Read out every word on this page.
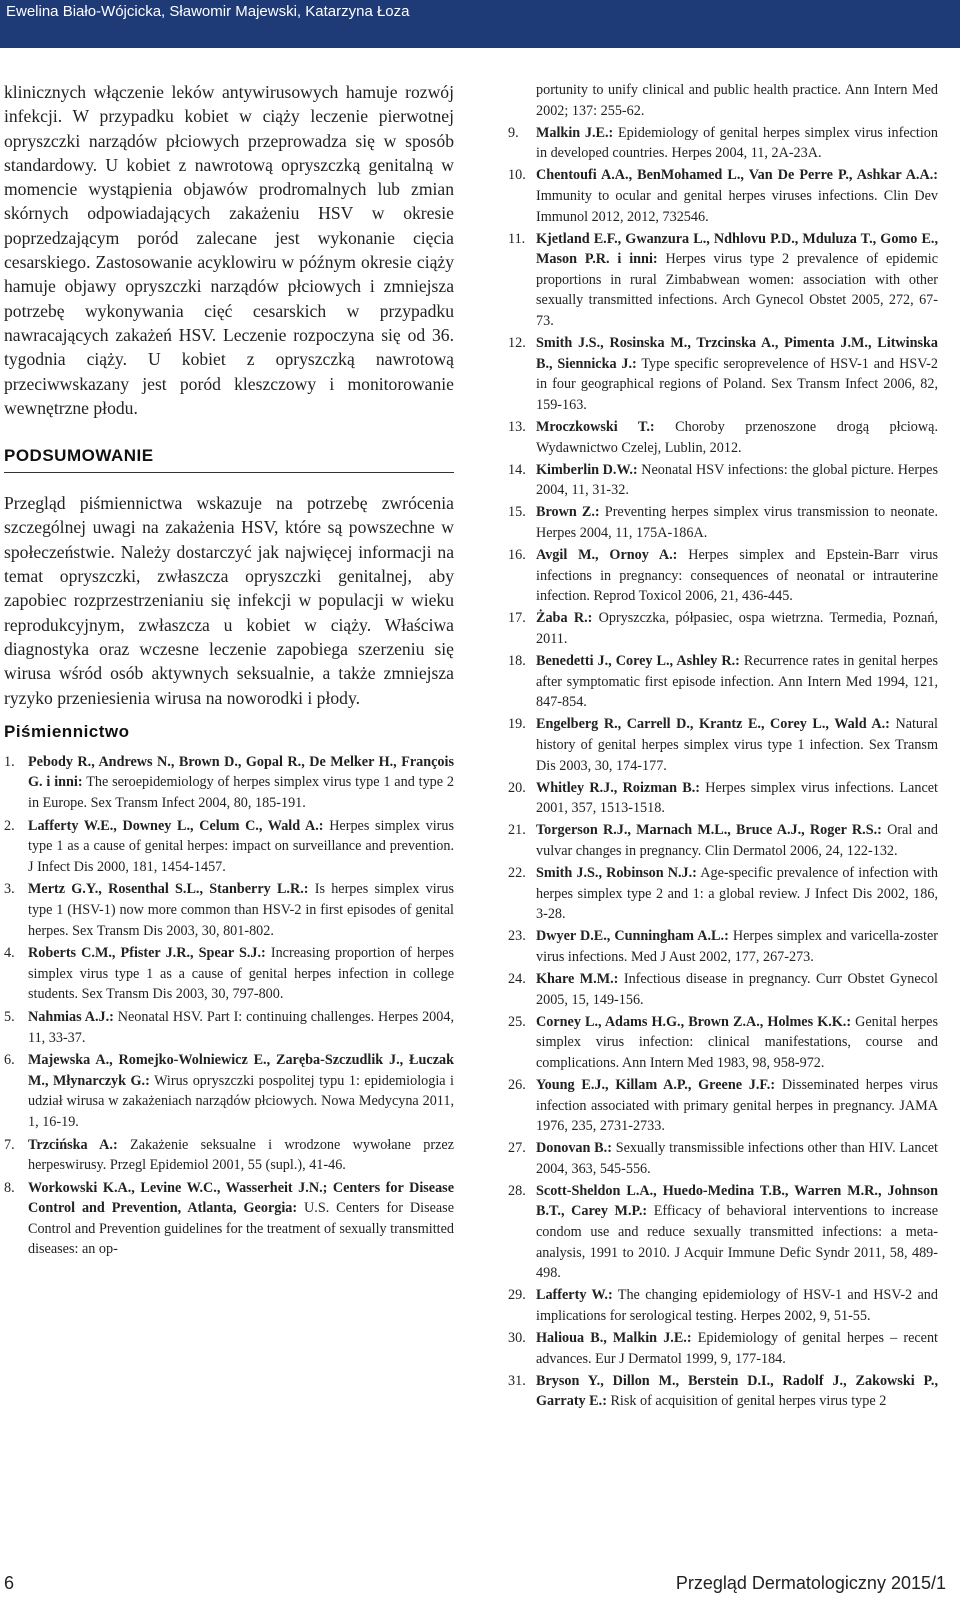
Ewelina Biało-Wójcicka, Sławomir Majewski, Katarzyna Łoza

klinicznych włączenie leków antywirusowych hamuje rozwój infekcji. W przypadku kobiet w ciąży leczenie pierwotnej opryszczki narządów płciowych przeprowadza się w sposób standardowy. U kobiet z nawrotową opryszczką genitalną w momencie wystąpienia objawów prodromalnych lub zmian skórnych odpowiadających zakażeniu HSV w okresie poprzedzającym poród zalecane jest wykonanie cięcia cesarskiego. Zastosowanie acyklowiru w późnym okresie ciąży hamuje objawy opryszczki narządów płciowych i zmniejsza potrzebę wykonywania cięć cesarskich w przypadku nawracających zakażeń HSV. Leczenie rozpoczyna się od 36. tygodnia ciąży. U kobiet z opryszczką nawrotową przeciwwskazany jest poród kleszczowy i monitorowanie wewnętrzne płodu.

PODSUMOWANIE

Przegląd piśmiennictwa wskazuje na potrzebę zwrócenia szczególnej uwagi na zakażenia HSV, które są powszechne w społeczeństwie. Należy dostarczyć jak najwięcej informacji na temat opryszczki, zwłaszcza opryszczki genitalnej, aby zapobiec rozprzestrzenianiu się infekcji w populacji w wieku reprodukcyjnym, zwłaszcza u kobiet w ciąży. Właściwa diagnostyka oraz wczesne leczenie zapobiega szerzeniu się wirusa wśród osób aktywnych seksualnie, a także zmniejsza ryzyko przeniesienia wirusa na noworodki i płody.

Piśmiennictwo
1. Pebody R., Andrews N., Brown D., Gopal R., De Melker H., François G. i inni: The seroepidemiology of herpes simplex virus type 1 and type 2 in Europe. Sex Transm Infect 2004, 80, 185-191.
2. Lafferty W.E., Downey L., Celum C., Wald A.: Herpes simplex virus type 1 as a cause of genital herpes: impact on surveillance and prevention. J Infect Dis 2000, 181, 1454-1457.
3. Mertz G.Y., Rosenthal S.L., Stanberry L.R.: Is herpes simplex virus type 1 (HSV-1) now more common than HSV-2 in first episodes of genital herpes. Sex Transm Dis 2003, 30, 801-802.
4. Roberts C.M., Pfister J.R., Spear S.J.: Increasing proportion of herpes simplex virus type 1 as a cause of genital herpes infection in college students. Sex Transm Dis 2003, 30, 797-800.
5. Nahmias A.J.: Neonatal HSV. Part I: continuing challenges. Herpes 2004, 11, 33-37.
6. Majewska A., Romejko-Wolniewicz E., Zaręba-Szczudlik J., Łuczak M., Młynarczyk G.: Wirus opryszczki pospolitej typu 1: epidemiologia i udział wirusa w zakażeniach narządów płciowych. Nowa Medycyna 2011, 1, 16-19.
7. Trzcińska A.: Zakażenie seksualne i wrodzone wywołane przez herpeswirusy. Przegl Epidemiol 2001, 55 (supl.), 41-46.
8. Workowski K.A., Levine W.C., Wasserheit J.N.; Centers for Disease Control and Prevention, Atlanta, Georgia: U.S. Centers for Disease Control and Prevention guidelines for the treatment of sexually transmitted diseases: an op-
portunity to unify clinical and public health practice. Ann Intern Med 2002; 137: 255-62.
9. Malkin J.E.: Epidemiology of genital herpes simplex virus infection in developed countries. Herpes 2004, 11, 2A-23A.
10. Chentoufi A.A., BenMohamed L., Van De Perre P., Ashkar A.A.: Immunity to ocular and genital herpes viruses infections. Clin Dev Immunol 2012, 2012, 732546.
11. Kjetland E.F., Gwanzura L., Ndhlovu P.D., Mduluza T., Gomo E., Mason P.R. i inni: Herpes virus type 2 prevalence of epidemic proportions in rural Zimbabwean women: association with other sexually transmitted infections. Arch Gynecol Obstet 2005, 272, 67-73.
12. Smith J.S., Rosinska M., Trzcinska A., Pimenta J.M., Litwinska B., Siennicka J.: Type specific seroprevelence of HSV-1 and HSV-2 in four geographical regions of Poland. Sex Transm Infect 2006, 82, 159-163.
13. Mroczkowski T.: Choroby przenoszone drogą płciową. Wydawnictwo Czelej, Lublin, 2012.
14. Kimberlin D.W.: Neonatal HSV infections: the global picture. Herpes 2004, 11, 31-32.
15. Brown Z.: Preventing herpes simplex virus transmission to neonate. Herpes 2004, 11, 175A-186A.
16. Avgil M., Ornoy A.: Herpes simplex and Epstein-Barr virus infections in pregnancy: consequences of neonatal or intrauterine infection. Reprod Toxicol 2006, 21, 436-445.
17. Żaba R.: Opryszczka, półpasiec, ospa wietrzna. Termedia, Poznań, 2011.
18. Benedetti J., Corey L., Ashley R.: Recurrence rates in genital herpes after symptomatic first episode infection. Ann Intern Med 1994, 121, 847-854.
19. Engelberg R., Carrell D., Krantz E., Corey L., Wald A.: Natural history of genital herpes simplex virus type 1 infection. Sex Transm Dis 2003, 30, 174-177.
20. Whitley R.J., Roizman B.: Herpes simplex virus infections. Lancet 2001, 357, 1513-1518.
21. Torgerson R.J., Marnach M.L., Bruce A.J., Roger R.S.: Oral and vulvar changes in pregnancy. Clin Dermatol 2006, 24, 122-132.
22. Smith J.S., Robinson N.J.: Age-specific prevalence of infection with herpes simplex type 2 and 1: a global review. J Infect Dis 2002, 186, 3-28.
23. Dwyer D.E., Cunningham A.L.: Herpes simplex and varicella-zoster virus infections. Med J Aust 2002, 177, 267-273.
24. Khare M.M.: Infectious disease in pregnancy. Curr Obstet Gynecol 2005, 15, 149-156.
25. Corney L., Adams H.G., Brown Z.A., Holmes K.K.: Genital herpes simplex virus infection: clinical manifestations, course and complications. Ann Intern Med 1983, 98, 958-972.
26. Young E.J., Killam A.P., Greene J.F.: Disseminated herpes virus infection associated with primary genital herpes in pregnancy. JAMA 1976, 235, 2731-2733.
27. Donovan B.: Sexually transmissible infections other than HIV. Lancet 2004, 363, 545-556.
28. Scott-Sheldon L.A., Huedo-Medina T.B., Warren M.R., Johnson B.T., Carey M.P.: Efficacy of behavioral interventions to increase condom use and reduce sexually transmitted infections: a meta-analysis, 1991 to 2010. J Acquir Immune Defic Syndr 2011, 58, 489-498.
29. Lafferty W.: The changing epidemiology of HSV-1 and HSV-2 and implications for serological testing. Herpes 2002, 9, 51-55.
30. Halioua B., Malkin J.E.: Epidemiology of genital herpes – recent advances. Eur J Dermatol 1999, 9, 177-184.
31. Bryson Y., Dillon M., Berstein D.I., Radolf J., Zakowski P., Garraty E.: Risk of acquisition of genital herpes virus type 2
6	Przegląd Dermatologiczny 2015/1
